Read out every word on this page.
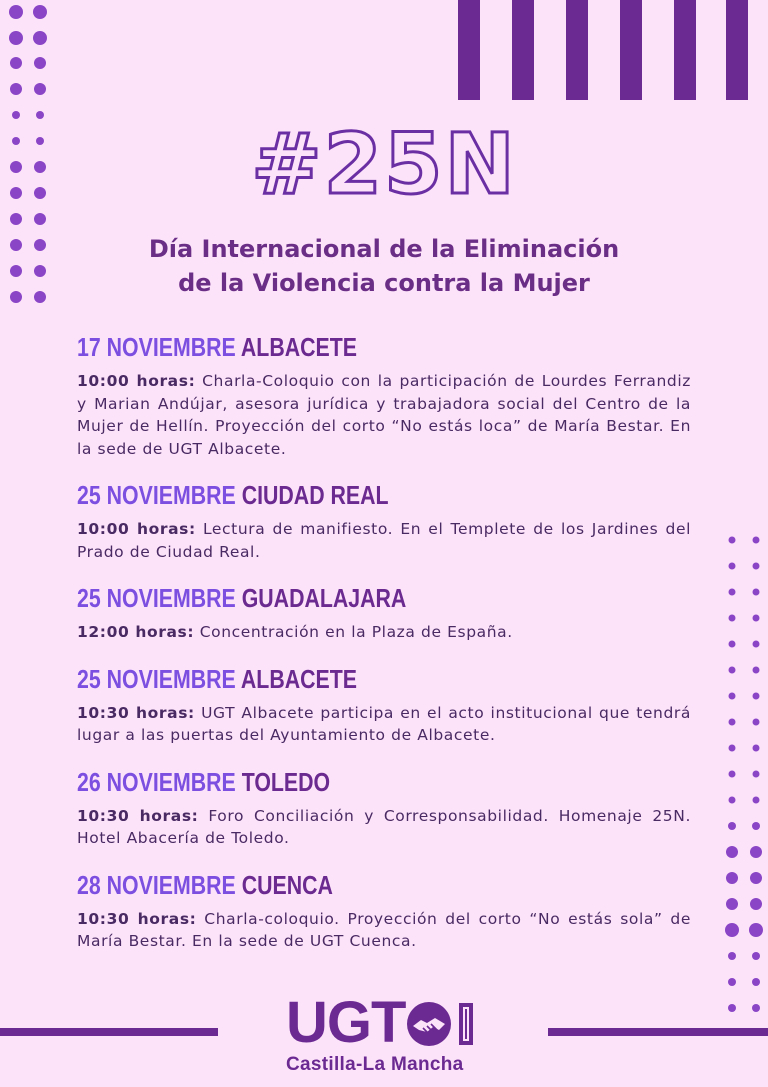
#25N
Día Internacional de la Eliminación
de la Violencia contra la Mujer
17 NOVIEMBRE ALBACETE
10:00 horas: Charla-Coloquio con la participación de Lourdes Ferrandiz y Marian Andújar, asesora jurídica y trabajadora social del Centro de la Mujer de Hellín. Proyección del corto “No estás loca” de María Bestar. En la sede de UGT Albacete.
25 NOVIEMBRE CIUDAD REAL
10:00 horas: Lectura de manifiesto. En el Templete de los Jardines del Prado de Ciudad Real.
25 NOVIEMBRE GUADALAJARA
12:00 horas: Concentración en la Plaza de España.
25 NOVIEMBRE ALBACETE
10:30 horas: UGT Albacete participa en el acto institucional que tendrá lugar a las puertas del Ayuntamiento de Albacete.
26 NOVIEMBRE TOLEDO
10:30 horas: Foro Conciliación y Corresponsabilidad. Homenaje 25N. Hotel Abacería de Toledo.
28 NOVIEMBRE CUENCA
10:30 horas: Charla-coloquio. Proyección del corto “No estás sola” de María Bestar. En la sede de UGT Cuenca.
UGT
Castilla-La Mancha
